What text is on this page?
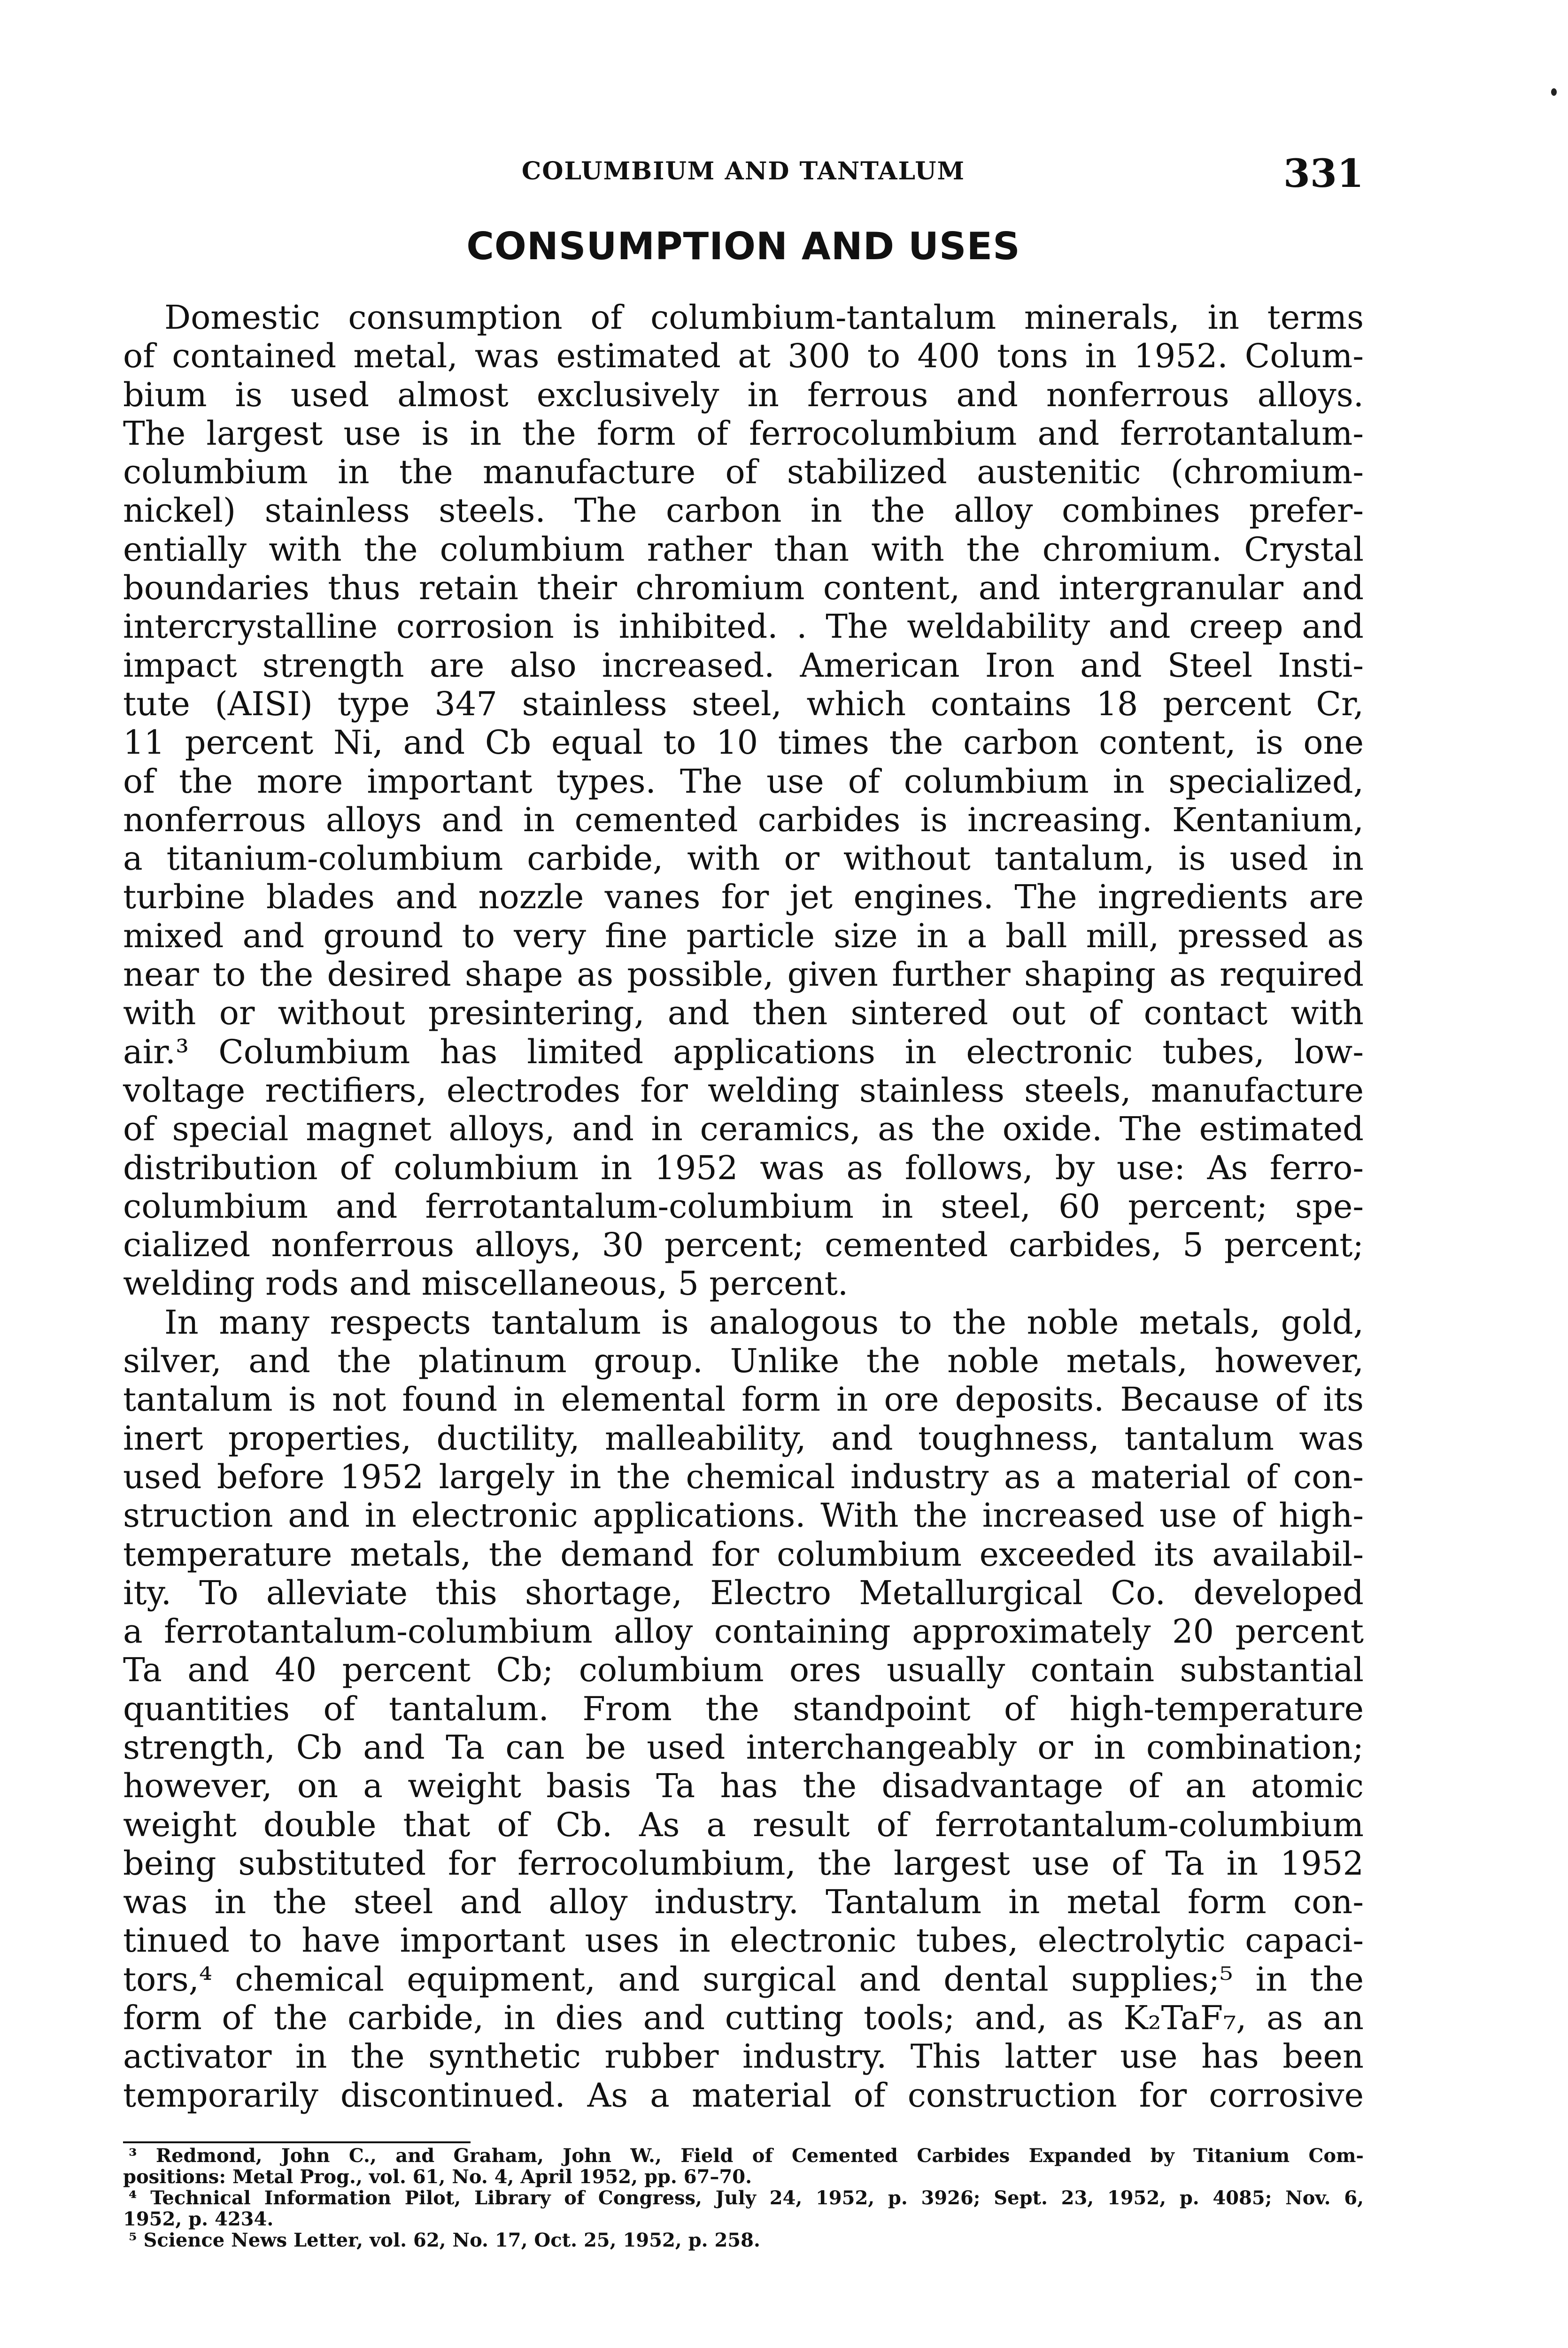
COLUMBIUM AND TANTALUM	331
CONSUMPTION AND USES
Domestic consumption of columbium-tantalum minerals, in terms
of contained metal, was estimated at 300 to 400 tons in 1952. Colum-
bium is used almost exclusively in ferrous and nonferrous alloys.
The largest use is in the form of ferrocolumbium and ferrotantalum-
columbium in the manufacture of stabilized austenitic (chromium-
nickel) stainless steels. The carbon in the alloy combines prefer-
entially with the columbium rather than with the chromium. Crystal
boundaries thus retain their chromium content, and intergranular and
intercrystalline corrosion is inhibited. . The weldability and creep and
impact strength are also increased. American Iron and Steel Insti-
tute (AISI) type 347 stainless steel, which contains 18 percent Cr,
11 percent Ni, and Cb equal to 10 times the carbon content, is one
of the more important types. The use of columbium in specialized,
nonferrous alloys and in cemented carbides is increasing. Kentanium,
a titanium-columbium carbide, with or without tantalum, is used in
turbine blades and nozzle vanes for jet engines. The ingredients are
mixed and ground to very fine particle size in a ball mill, pressed as
near to the desired shape as possible, given further shaping as required
with or without presintering, and then sintered out of contact with
air.³ Columbium has limited applications in electronic tubes, low-
voltage rectifiers, electrodes for welding stainless steels, manufacture
of special magnet alloys, and in ceramics, as the oxide. The estimated
distribution of columbium in 1952 was as follows, by use: As ferro-
columbium and ferrotantalum-columbium in steel, 60 percent; spe-
cialized nonferrous alloys, 30 percent; cemented carbides, 5 percent;
welding rods and miscellaneous, 5 percent.
In many respects tantalum is analogous to the noble metals, gold,
silver, and the platinum group. Unlike the noble metals, however,
tantalum is not found in elemental form in ore deposits. Because of its
inert properties, ductility, malleability, and toughness, tantalum was
used before 1952 largely in the chemical industry as a material of con-
struction and in electronic applications. With the increased use of high-
temperature metals, the demand for columbium exceeded its availabil-
ity. To alleviate this shortage, Electro Metallurgical Co. developed
a ferrotantalum-columbium alloy containing approximately 20 percent
Ta and 40 percent Cb; columbium ores usually contain substantial
quantities of tantalum. From the standpoint of high-temperature
strength, Cb and Ta can be used interchangeably or in combination;
however, on a weight basis Ta has the disadvantage of an atomic
weight double that of Cb. As a result of ferrotantalum-columbium
being substituted for ferrocolumbium, the largest use of Ta in 1952
was in the steel and alloy industry. Tantalum in metal form con-
tinued to have important uses in electronic tubes, electrolytic capaci-
tors,⁴ chemical equipment, and surgical and dental supplies;⁵ in the
form of the carbide, in dies and cutting tools; and, as K₂TaF₇, as an
activator in the synthetic rubber industry. This latter use has been
temporarily discontinued. As a material of construction for corrosive
³ Redmond, John C., and Graham, John W., Field of Cemented Carbides Expanded by Titanium Com-
positions: Metal Prog., vol. 61, No. 4, April 1952, pp. 67–70.
⁴ Technical Information Pilot, Library of Congress, July 24, 1952, p. 3926; Sept. 23, 1952, p. 4085; Nov. 6,
1952, p. 4234.
⁵ Science News Letter, vol. 62, No. 17, Oct. 25, 1952, p. 258.
